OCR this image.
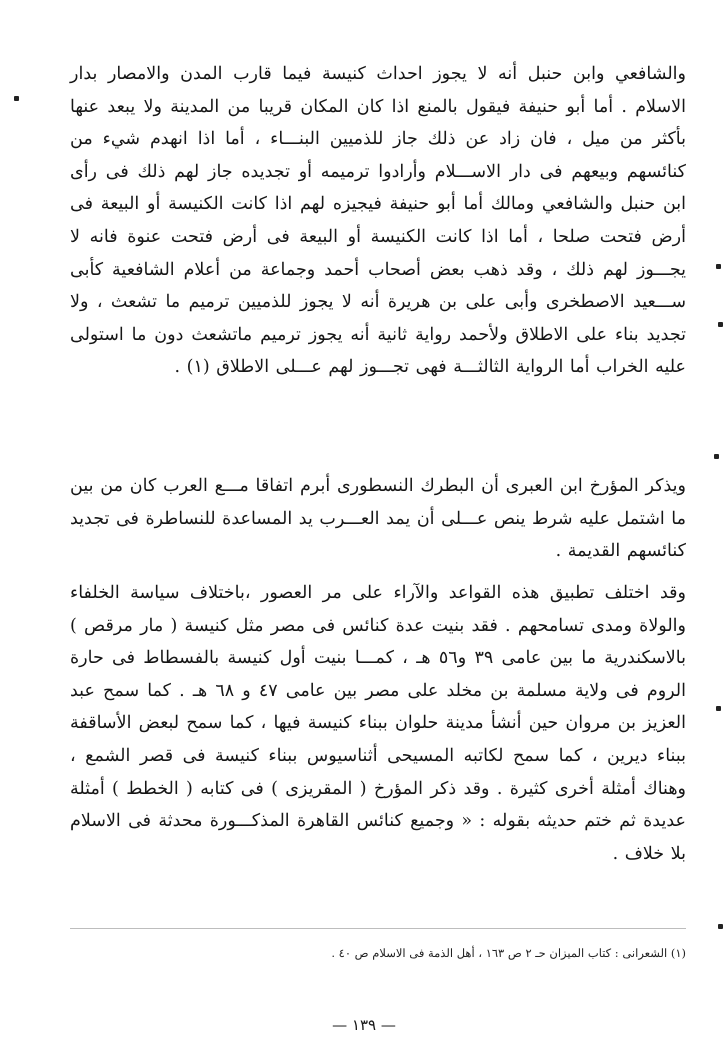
والشافعي وابن حنبل أنه لا يجوز احداث كنيسة فيما قارب المدن والامصار بدار الاسلام . أما أبو حنيفة فيقول بالمنع اذا كان المكان قريبا من المدينة ولا يبعد عنها بأكثر من ميل ، فان زاد عن ذلك جاز للذميين البنـــاء ، أما اذا انهدم شيء من كنائسهم وبيعهم فى دار الاســـلام وأرادوا ترميمه أو تجديده جاز لهم ذلك فى رأى ابن حنبل والشافعي ومالك أما أبو حنيفة فيجيزه لهم اذا كانت الكنيسة أو البيعة فى أرض فتحت صلحا ، أما اذا كانت الكنيسة أو البيعة فى أرض فتحت عنوة فانه لا يجـــوز لهم ذلك ، وقد ذهب بعض أصحاب أحمد وجماعة من أعلام الشافعية كأبى ســـعيد الاصطخرى وأبى على بن هريرة أنه لا يجوز للذميين ترميم ما تشعث ، ولا تجديد بناء على الاطلاق ولأحمد رواية ثانية أنه يجوز ترميم ماتشعث دون ما استولى عليه الخراب أما الرواية الثالثـــة فهى تجـــوز لهم عـــلى الاطلاق (١) .

ويذكر المؤرخ ابن العبرى أن البطرك النسطورى أبرم اتفاقا مـــع العرب كان من بين ما اشتمل عليه شرط ينص عـــلى أن يمد العـــرب يد المساعدة للنساطرة فى تجديد كنائسهم القديمة .

وقد اختلف تطبيق هذه القواعد والآراء على مر العصور ،باختلاف سياسة الخلفاء والولاة ومدى تسامحهم . فقد بنيت عدة كنائس فى مصر مثل كنيسة ( مار مرقص ) بالاسكندرية ما بين عامى ٣٩ و٥٦ هـ ، كمـــا بنيت أول كنيسة بالفسطاط فى حارة الروم فى ولاية مسلمة بن مخلد على مصر بين عامى ٤٧ و ٦٨ هـ . كما سمح عبد العزيز بن مروان حين أنشأ مدينة حلوان ببناء كنيسة فيها ، كما سمح لبعض الأساقفة ببناء ديرين ، كما سمح لكاتبه المسيحى أثناسيوس ببناء كنيسة فى قصر الشمع ، وهناك أمثلة أخرى كثيرة . وقد ذكر المؤرخ ( المقريزى ) فى كتابه ( الخطط ) أمثلة عديدة ثم ختم حديثه بقوله : « وجميع كنائس القاهرة المذكـــورة محدثة فى الاسلام بلا خلاف .

(١) الشعرانى : كتاب الميزان حـ ٢ ص ١٦٣ ، أهل الذمة فى الاسلام ص ٤٠ .
— ١٣٩ —
